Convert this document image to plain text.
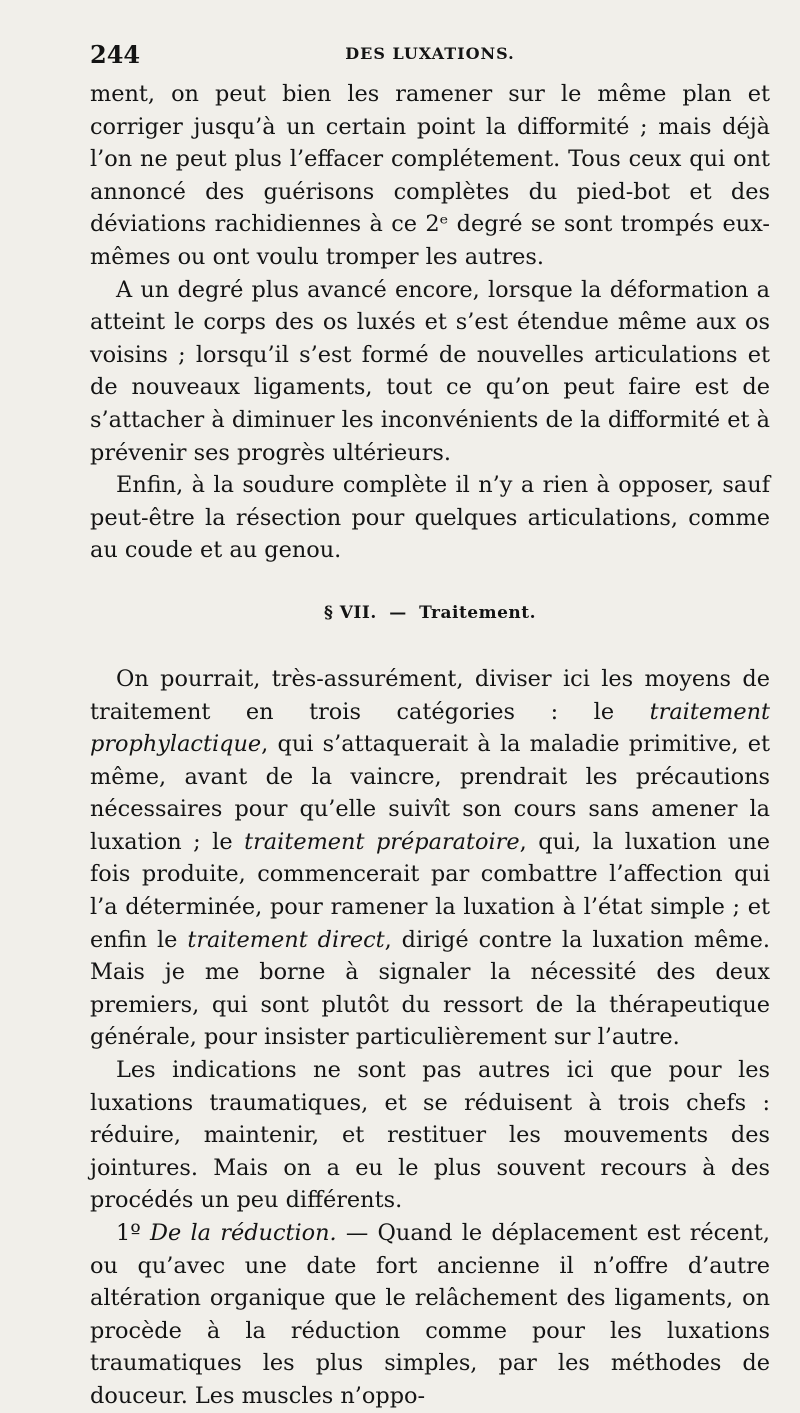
244	DES LUXATIONS.

ment, on peut bien les ramener sur le même plan et corriger jusqu’à un certain point la difformité ; mais déjà l’on ne peut plus l’effacer complétement. Tous ceux qui ont annoncé des guérisons complètes du pied-bot et des déviations rachidiennes à ce 2ᵉ degré se sont trompés eux-mêmes ou ont voulu tromper les autres.

A un degré plus avancé encore, lorsque la déformation a atteint le corps des os luxés et s’est étendue même aux os voisins ; lorsqu’il s’est formé de nouvelles articulations et de nouveaux ligaments, tout ce qu’on peut faire est de s’attacher à diminuer les inconvénients de la difformité et à prévenir ses progrès ultérieurs.

Enfin, à la soudure complète il n’y a rien à opposer, sauf peut-être la résection pour quelques articulations, comme au coude et au genou.

§ VII. — Traitement.

On pourrait, très-assurément, diviser ici les moyens de traitement en trois catégories : le traitement prophylactique, qui s’attaquerait à la maladie primitive, et même, avant de la vaincre, prendrait les précautions nécessaires pour qu’elle suivît son cours sans amener la luxation ; le traitement préparatoire, qui, la luxation une fois produite, commencerait par combattre l’affection qui l’a déterminée, pour ramener la luxation à l’état simple ; et enfin le traitement direct, dirigé contre la luxation même. Mais je me borne à signaler la nécessité des deux premiers, qui sont plutôt du ressort de la thérapeutique générale, pour insister particulièrement sur l’autre.

Les indications ne sont pas autres ici que pour les luxations traumatiques, et se réduisent à trois chefs : réduire, maintenir, et restituer les mouvements des jointures. Mais on a eu le plus souvent recours à des procédés un peu différents.

1º De la réduction. — Quand le déplacement est récent, ou qu’avec une date fort ancienne il n’offre d’autre altération organique que le relâchement des ligaments, on procède à la réduction comme pour les luxations traumatiques les plus simples, par les méthodes de douceur. Les muscles n’oppo-
